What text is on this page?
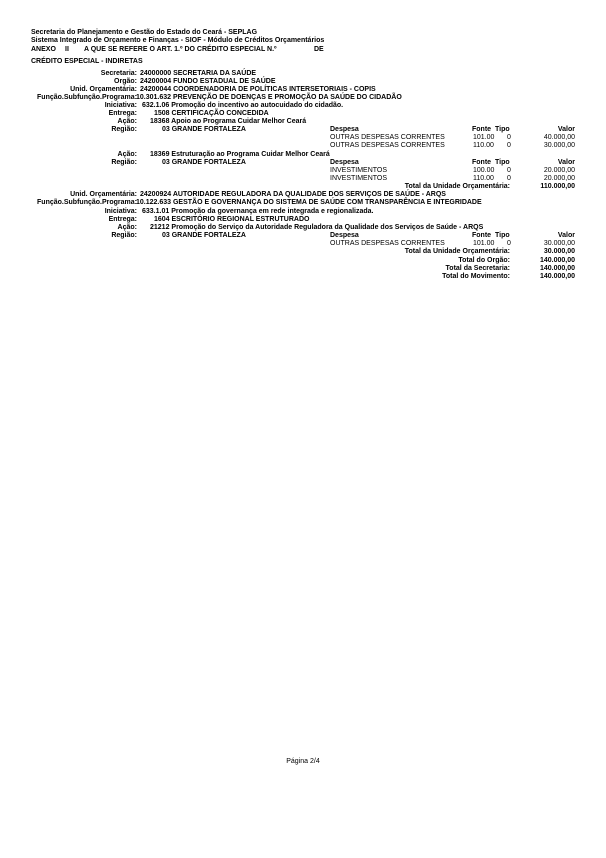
Secretaria do Planejamento e Gestão do Estado do Ceará - SEPLAG
Sistema Integrado de Orçamento e Finanças - SIOF - Módulo de Créditos Orçamentários
ANEXO II A QUE SE REFERE O ART. 1.º DO CRÉDITO ESPECIAL N.º	DE
CRÉDITO ESPECIAL - INDIRETAS
Secretaria: 24000000 SECRETARIA DA SAÚDE
Orgão: 24200004 FUNDO ESTADUAL DE SAÚDE
Unid. Orçamentária: 24200044 COORDENADORIA DE POLÍTICAS INTERSETORIAIS - COPIS
Função.Subfunção.Programa: 10.301.632 PREVENÇÃO DE DOENÇAS E PROMOÇÃO DA SAÚDE DO CIDADÃO
Iniciativa: 632.1.06 Promoção do incentivo ao autocuidado do cidadão.
Entrega: 1508 CERTIFICAÇÃO CONCEDIDA
Ação: 18368 Apoio ao Programa Cuidar Melhor Ceará
Região:	03 GRANDE FORTALEZA	Despesa	Fonte Tipo	Valor
OUTRAS DESPESAS CORRENTES	101.00 0	40.000,00
OUTRAS DESPESAS CORRENTES	110.00 0	30.000,00
Ação: 18369 Estruturação ao Programa Cuidar Melhor Ceará
Região:	03 GRANDE FORTALEZA	Despesa	Fonte Tipo	Valor
INVESTIMENTOS	100.00 0	20.000,00
INVESTIMENTOS	110.00 0	20.000,00
Total da Unidade Orçamentária:	110.000,00
Unid. Orçamentária: 24200924 AUTORIDADE REGULADORA DA QUALIDADE DOS SERVIÇOS DE SAÚDE - ARQS
Função.Subfunção.Programa: 10.122.633 GESTÃO E GOVERNANÇA DO SISTEMA DE SAÚDE COM TRANSPARÊNCIA E INTEGRIDADE
Iniciativa: 633.1.01 Promoção da governança em rede integrada e regionalizada.
Entrega: 1604 ESCRITÓRIO REGIONAL ESTRUTURADO
Ação: 21212 Promoção do Serviço da Autoridade Reguladora da Qualidade dos Serviços de Saúde - ARQS
Região:	03 GRANDE FORTALEZA	Despesa	Fonte Tipo	Valor
OUTRAS DESPESAS CORRENTES	101.00 0	30.000,00
Total da Unidade Orçamentária:	30.000,00
Total do Orgão:	140.000,00
Total da Secretaria:	140.000,00
Total do Movimento:	140.000,00
Página 2/4
